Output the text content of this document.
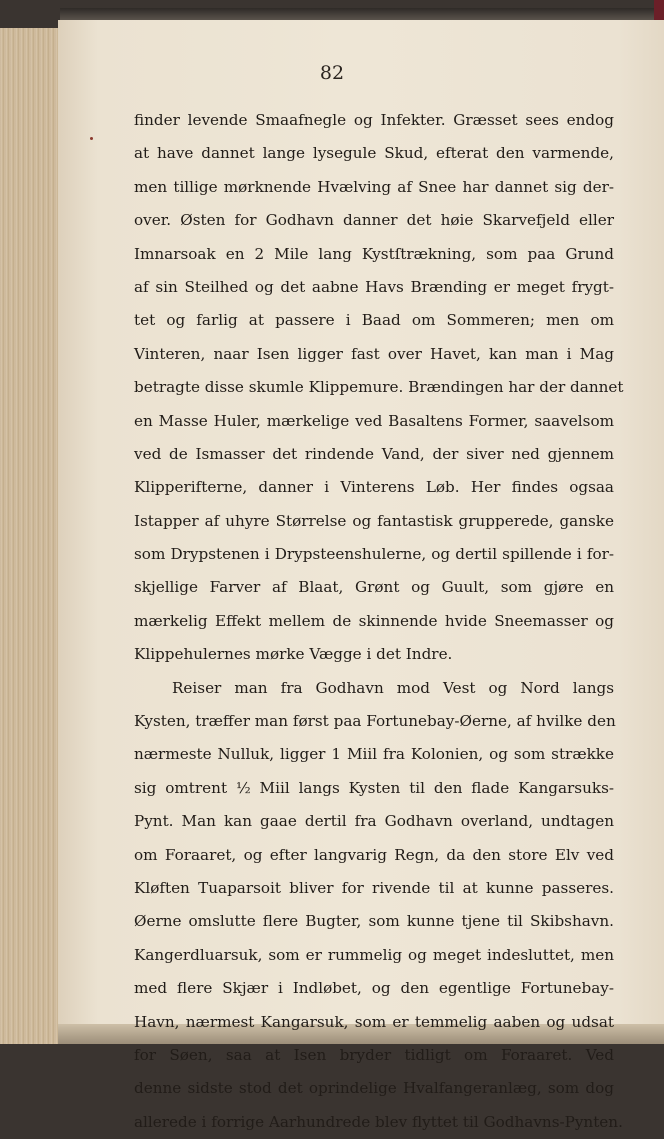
82
finder levende Smaafnegle og Infekter. Græsset sees endog
at have dannet lange lysegule Skud, efterat den varmende,
men tillige mørknende Hvælving af Snee har dannet sig der-
over. Østen for Godhavn danner det høie Skarvefjeld eller
Imnarsoak en 2 Mile lang Kystſtrækning, som paa Grund
af sin Steilhed og det aabne Havs Brænding er meget frygt-
tet og farlig at passere i Baad om Sommeren; men om
Vinteren, naar Isen ligger fast over Havet, kan man i Mag
betragte disse skumle Klippemure. Brændingen har der dannet
en Masse Huler, mærkelige ved Basaltens Former, saavelsom
ved de Ismasser det rindende Vand, der siver ned gjennem
Klipperifterne, danner i Vinterens Løb. Her findes ogsaa
Istapper af uhyre Størrelse og fantastisk grupperede, ganske
som Drypstenen i Drypsteenshulerne, og dertil spillende i for-
skjellige Farver af Blaat, Grønt og Guult, som gjøre en
mærkelig Effekt mellem de skinnende hvide Sneemasser og
Klippehulernes mørke Vægge i det Indre.
Reiser man fra Godhavn mod Vest og Nord langs
Kysten, træffer man først paa Fortunebay-Øerne, af hvilke den
nærmeste Nulluk, ligger 1 Miil fra Kolonien, og som strække
sig omtrent ½ Miil langs Kysten til den flade Kangarsuks-
Pynt. Man kan gaae dertil fra Godhavn overland, undtagen
om Foraaret, og efter langvarig Regn, da den store Elv ved
Kløften Tuaparsoit bliver for rivende til at kunne passeres.
Øerne omslutte flere Bugter, som kunne tjene til Skibshavn.
Kangerdluarsuk, som er rummelig og meget indesluttet, men
med flere Skjær i Indløbet, og den egentlige Fortunebay-
Havn, nærmest Kangarsuk, som er temmelig aaben og udsat
for Søen, saa at Isen bryder tidligt om Foraaret. Ved
denne sidste stod det oprindelige Hvalfangeranlæg, som dog
allerede i forrige Aarhundrede blev flyttet til Godhavns-Pynten.
